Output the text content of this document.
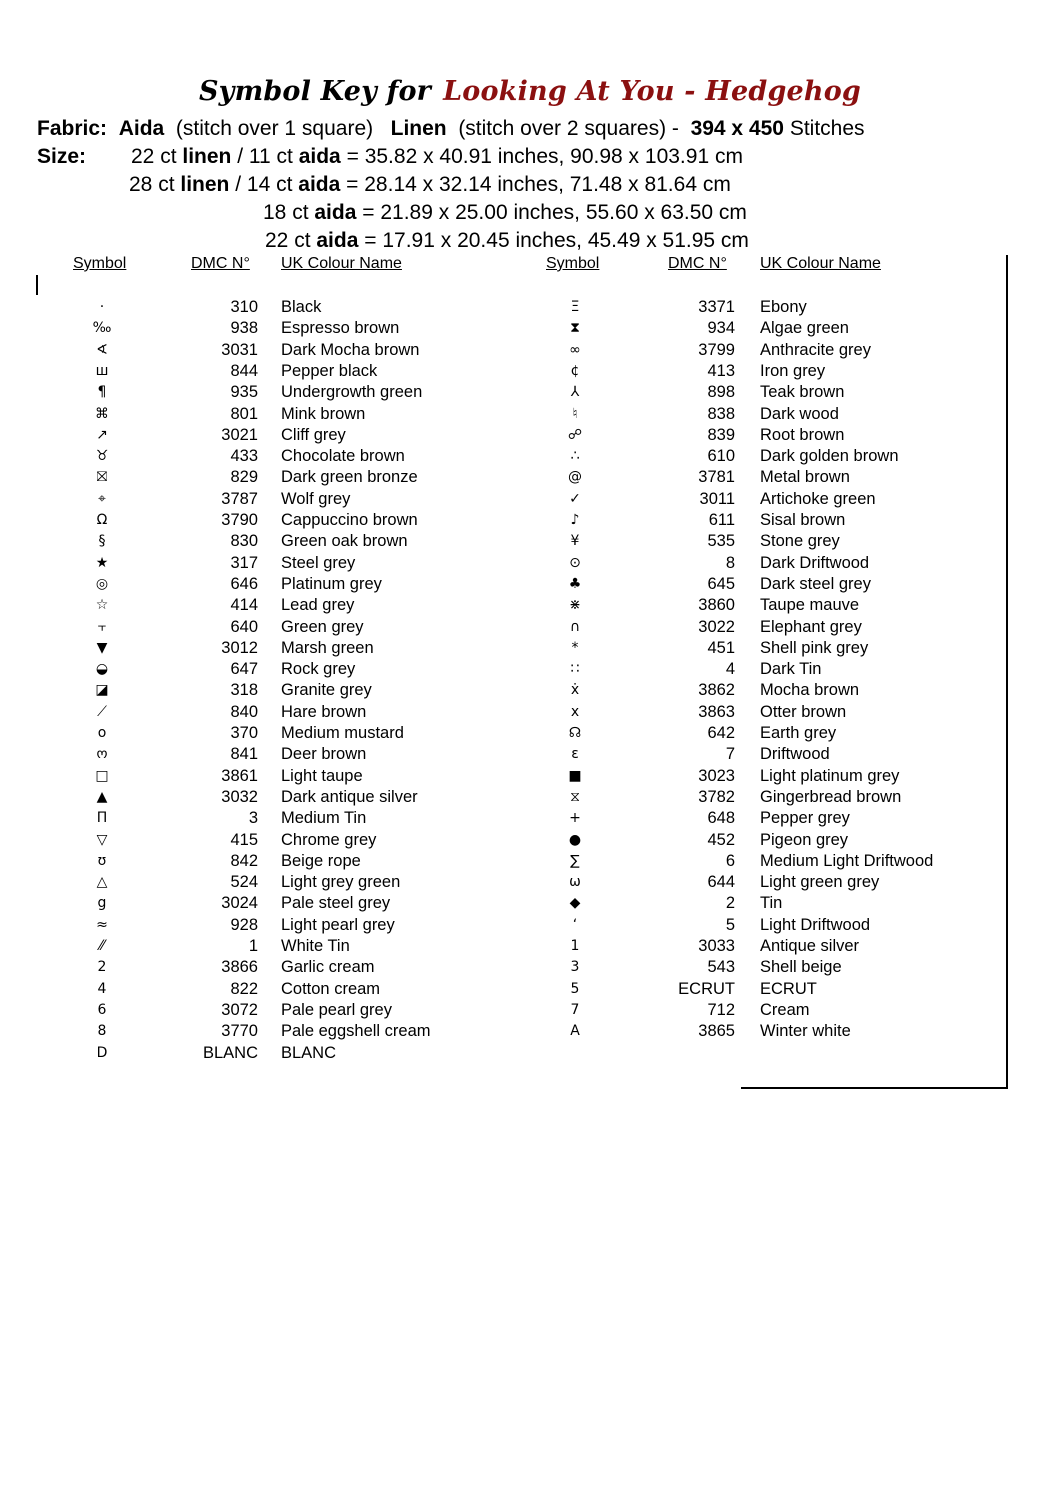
Symbol Key for Looking At You - Hedgehog
Fabric: Aida (stitch over 1 square) Linen (stitch over 2 squares) - 394 x 450 Stitches
Size: 22 ct linen / 11 ct aida = 35.82 x 40.91 inches, 90.98 x 103.91 cm
28 ct linen / 14 ct aida = 28.14 x 32.14 inches, 71.48 x 81.64 cm
18 ct aida = 21.89 x 25.00 inches, 55.60 x 63.50 cm
22 ct aida = 17.91 x 20.45 inches, 45.49 x 51.95 cm
Symbol	DMC N° UK Colour Name	Symbol	DMC N° UK Colour Name
·	310 Black
‰	938 Espresso brown
∢	3031 Dark Mocha brown
ш	844 Pepper black
¶	935 Undergrowth green
⌘	801 Mink brown
↗	3021 Cliff grey
♉	433 Chocolate brown
⛝	829 Dark green bronze
⌖	3787 Wolf grey
Ω	3790 Cappuccino brown
§	830 Green oak brown
★	317 Steel grey
◎	646 Platinum grey
☆	414 Lead grey
⫟	640 Green grey
▼	3012 Marsh green
◒	647 Rock grey
◪	318 Granite grey
⟋	840 Hare brown
o	370 Medium mustard
ო	841 Deer brown
□	3861 Light taupe
▲	3032 Dark antique silver
Π	3 Medium Tin
▽	415 Chrome grey
ʊ	842 Beige rope
△	524 Light grey green
g	3024 Pale steel grey
≈	928 Light pearl grey
⁄⁄	1 White Tin
2	3866 Garlic cream
4	822 Cotton cream
6	3072 Pale pearl grey
8	3770 Pale eggshell cream
D	BLANC BLANC
Ξ	3371 Ebony
⧗	934 Algae green
∞	3799 Anthracite grey
¢	413 Iron grey
⅄	898 Teak brown
♮	838 Dark wood
☍	839 Root brown
∴	610 Dark golden brown
@	3781 Metal brown
✓	3011 Artichoke green
♪	611 Sisal brown
¥	535 Stone grey
⊙	8 Dark Driftwood
♣	645 Dark steel grey
⋇	3860 Taupe mauve
∩	3022 Elephant grey
*	451 Shell pink grey
∷	4 Dark Tin
ẋ	3862 Mocha brown
x	3863 Otter brown
☊	642 Earth grey
ε	7 Driftwood
■	3023 Light platinum grey
⧖	3782 Gingerbread brown
+	648 Pepper grey
●	452 Pigeon grey
∑	6 Medium Light Driftwood
ω	644 Light green grey
◆	2 Tin
‘	5 Light Driftwood
1	3033 Antique silver
3	543 Shell beige
5	ECRUT ECRUT
7	712 Cream
A	3865 Winter white
